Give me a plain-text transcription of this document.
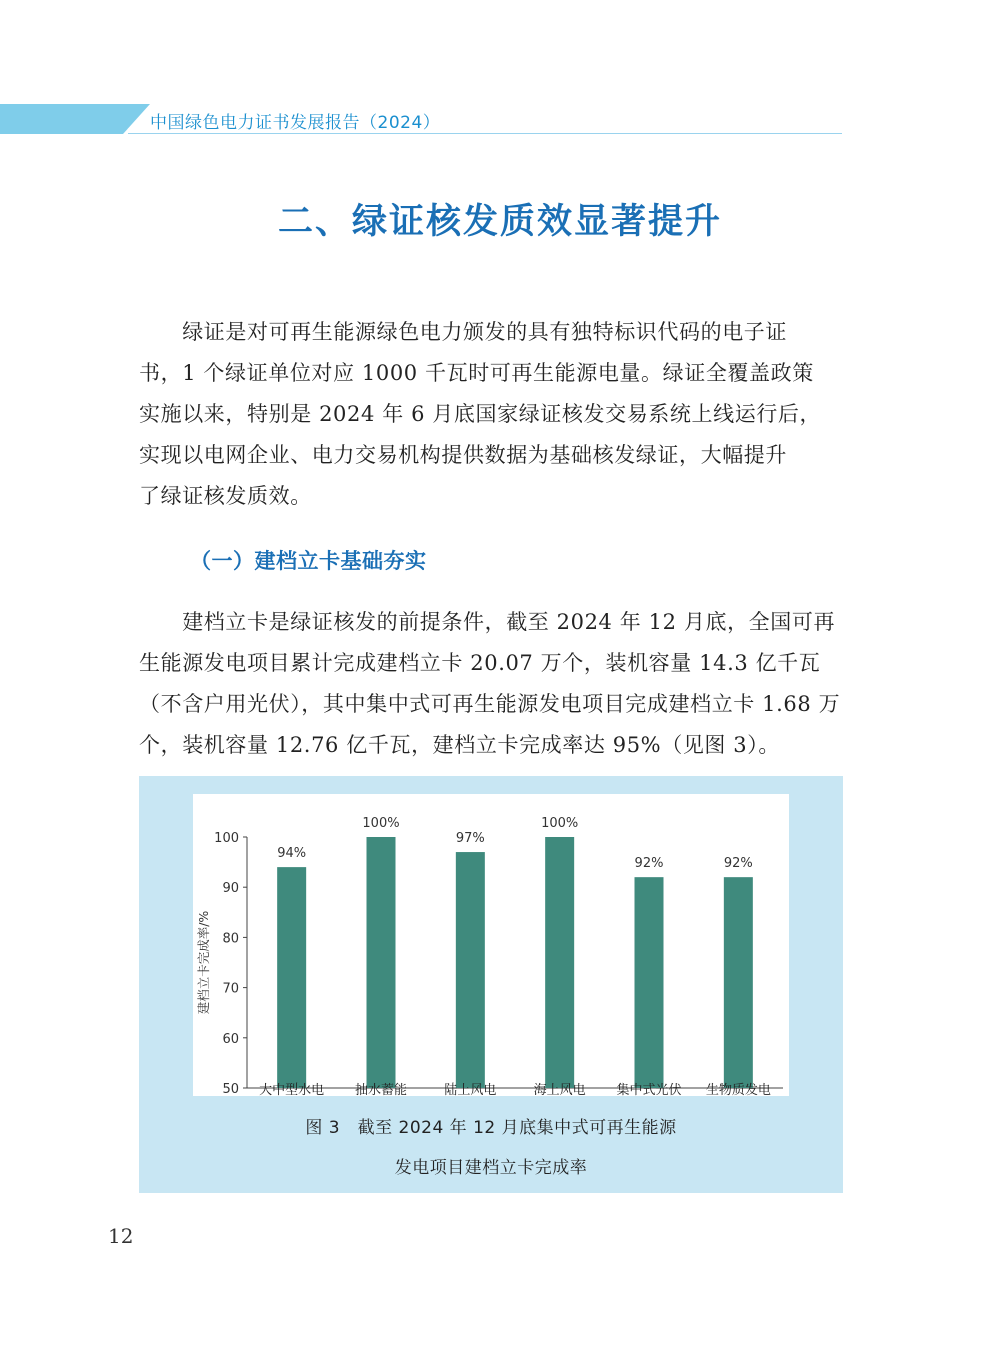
中国绿色电力证书发展报告（2024）
二、绿证核发质效显著提升
　　绿证是对可再生能源绿色电力颁发的具有独特标识代码的电子证
书，1 个绿证单位对应 1000 千瓦时可再生能源电量。绿证全覆盖政策
实施以来，特别是 2024 年 6 月底国家绿证核发交易系统上线运行后，
实现以电网企业、电力交易机构提供数据为基础核发绿证，大幅提升
了绿证核发质效。
（一）建档立卡基础夯实
　　建档立卡是绿证核发的前提条件，截至 2024 年 12 月底，全国可再
生能源发电项目累计完成建档立卡 20.07 万个，装机容量 14.3 亿千瓦
（不含户用光伏），其中集中式可再生能源发电项目完成建档立卡 1.68 万
个，装机容量 12.76 亿千瓦，建档立卡完成率达 95%（见图 3）。
50
60
70
80
90
100
建档立卡完成率/%
94%
大中型水电
100%
抽水蓄能
97%
陆上风电
100%
海上风电
92%
集中式光伏
92%
生物质发电
图 3　截至 2024 年 12 月底集中式可再生能源
发电项目建档立卡完成率
12
